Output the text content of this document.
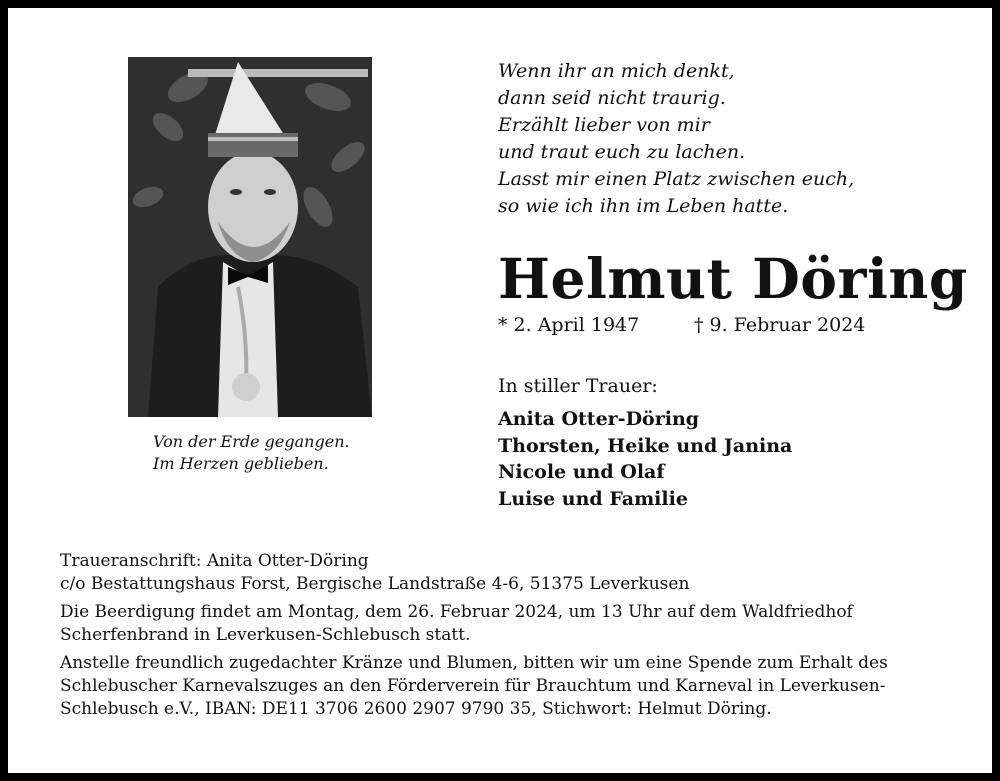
Von der Erde gegangen.
Im Herzen geblieben.
Wenn ihr an mich denkt,
dann seid nicht traurig.
Erzählt lieber von mir
und traut euch zu lachen.
Lasst mir einen Platz zwischen euch,
so wie ich ihn im Leben hatte.
Helmut Döring
* 2. April 1947	† 9. Februar 2024
In stiller Trauer:
Anita Otter-Döring
Thorsten, Heike und Janina
Nicole und Olaf
Luise und Familie

Traueranschrift: Anita Otter-Döring
c/o Bestattungshaus Forst, Bergische Landstraße 4-6, 51375 Leverkusen

Die Beerdigung findet am Montag, dem 26. Februar 2024, um 13 Uhr auf dem Waldfriedhof
Scherfenbrand in Leverkusen-Schlebusch statt.

Anstelle freundlich zugedachter Kränze und Blumen, bitten wir um eine Spende zum Erhalt des
Schlebuscher Karnevalszuges an den Förderverein für Brauchtum und Karneval in Leverkusen-
Schlebusch e.V., IBAN: DE11 3706 2600 2907 9790 35, Stichwort: Helmut Döring.
